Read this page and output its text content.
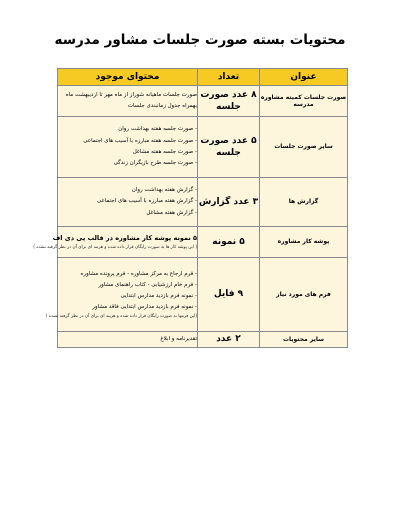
محتویات بسته صورت جلسات مشاور مدرسه
عنوان	تعداد	محتوای موجود
صورت جلسات کمیته مشاوره مدرسه	۸ عدد صورت جلسه	صورت جلسات ماهیانه شوراز از ماه مهر تا اردیبهشت ماه
بهمراه جدول زمانبندی جلسات

سایر صورت جلسات	۵ عدد صورت جلسه	- صورت جلسه هفته بهداشت روان
- صورت جلسه هفته مبارزه با آسیب های اجتماعی
- صورت جلسه هفته مشاغل
- صورت جلسه طرح بازیگران زندگی

گزارش ها	۳ عدد گزارش	- گزارش هفته بهداشت روان
- گزارش هفته مبارزه با آسیب های اجتماعی
- گزارش هفته مشاغل

پوشه کار مشاوره	۵ نمونه	۵ نمونه پوشه کار مشاوره در قالب پی دی اف
( این پوشه کار ها به صورت رایگان قرار داده شده و هزینه ای برای آن در نظر گرفته نشده )

فرم های مورد نیاز	۹ فایل	- فرم ارجاع به مرکز مشاوره - فرم پرونده مشاوره
- فرم خام ارزشیابی - کتاب راهنمای مشاور
- نمونه فرم بازدید مدارس ابتدایی
- نمونه فرم بازدید مدارس ابتدایی فاقد مشاور
(این فرمها به صورت رایگان قرار داده شده و هزینه ای برای آن در نظر گرفته نشده )

سایر محتویات	۲ عدد	تقدیرنامه و ابلاغ
